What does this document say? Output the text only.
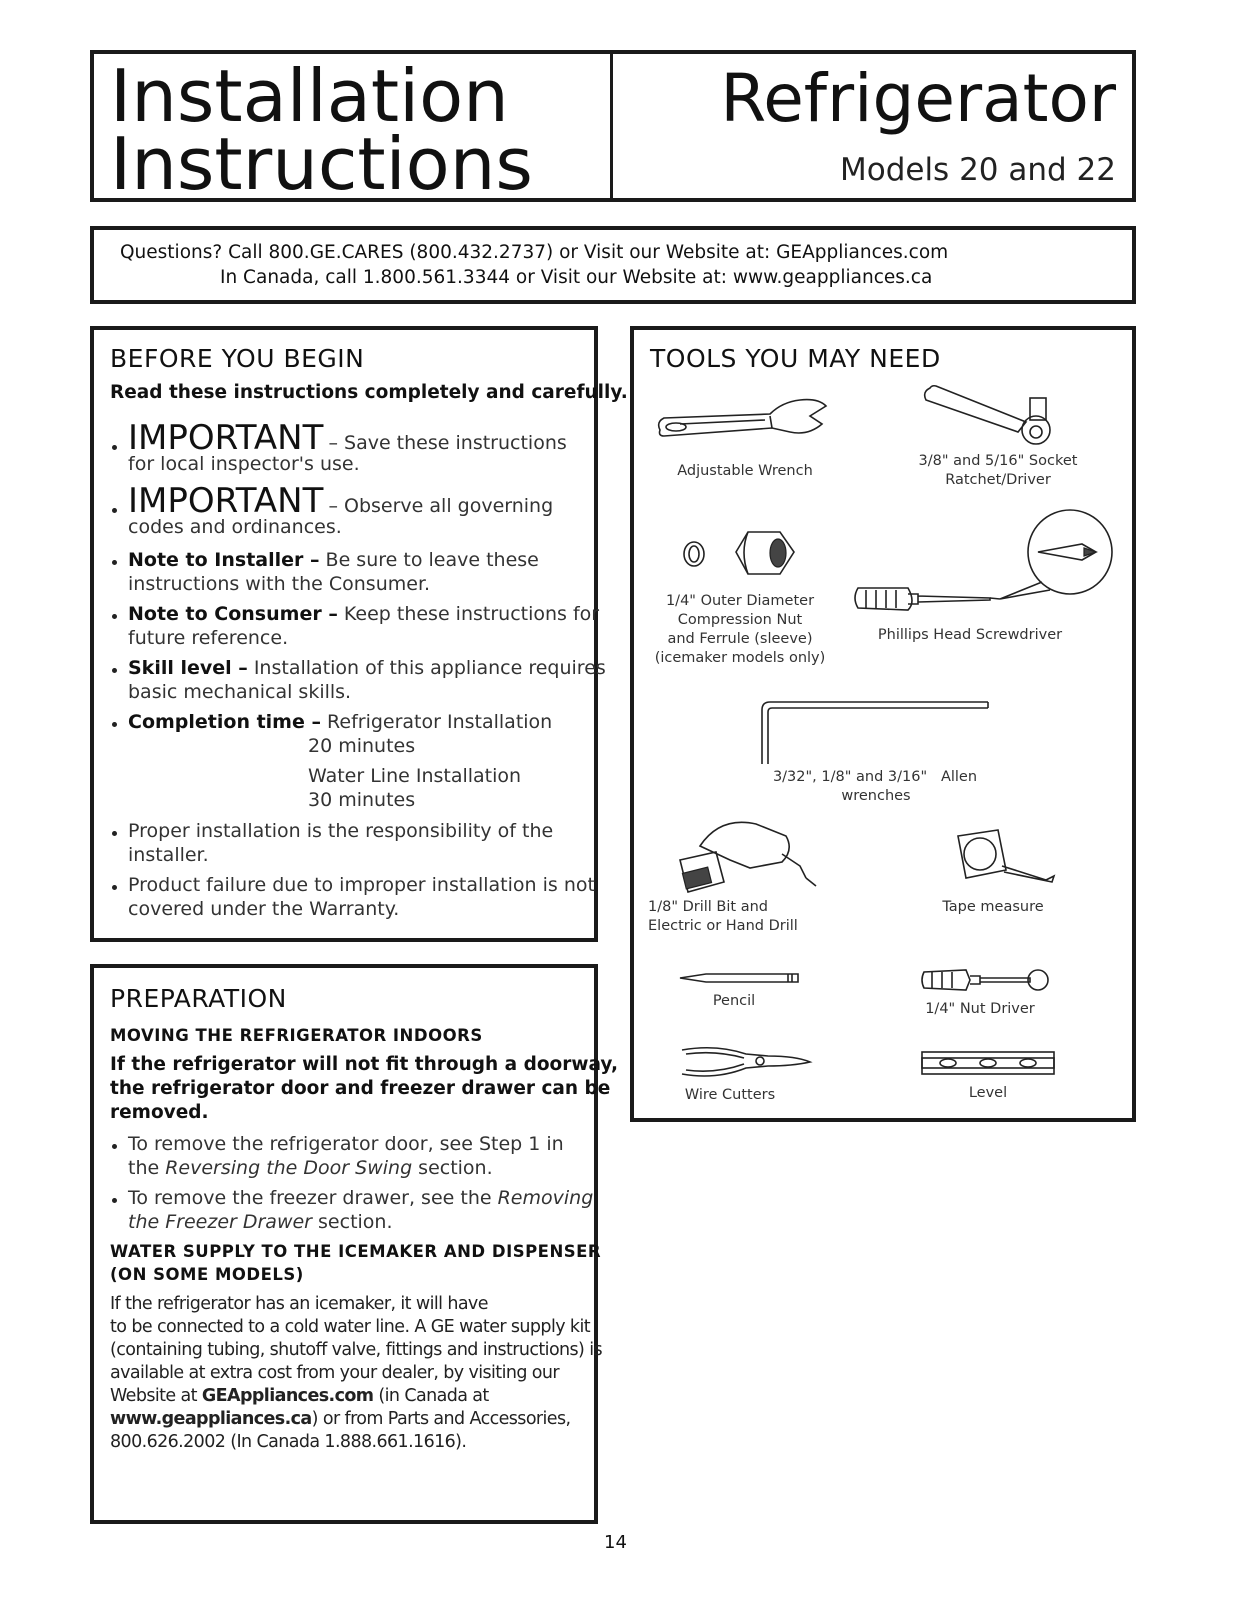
Installation
Instructions
Refrigerator
Models 20 and 22
Questions? Call 800.GE.CARES (800.432.2737) or Visit our Website at: GEAppliances.com
In Canada, call 1.800.561.3344 or Visit our Website at: www.geappliances.ca
BEFORE YOU BEGIN
Read these instructions completely and carefully.
IMPORTANT – Save these instructions
for local inspector's use.
IMPORTANT – Observe all governing
codes and ordinances.
Note to Installer – Be sure to leave these
instructions with the Consumer.
Note to Consumer – Keep these instructions for
future reference.
Skill level – Installation of this appliance requires
basic mechanical skills.
Completion time – Refrigerator Installation
20 minutes
Water Line Installation
30 minutes
Proper installation is the responsibility of the
installer.
Product failure due to improper installation is not
covered under the Warranty.
PREPARATION
MOVING THE REFRIGERATOR INDOORS
If the refrigerator will not fit through a doorway,
the refrigerator door and freezer drawer can be
removed.
To remove the refrigerator door, see Step 1 in
the Reversing the Door Swing section.
To remove the freezer drawer, see the Removing
the Freezer Drawer section.
WATER SUPPLY TO THE ICEMAKER AND DISPENSER
(ON SOME MODELS)
If the refrigerator has an icemaker, it will have
to be connected to a cold water line. A GE water supply kit
(containing tubing, shutoff valve, fittings and instructions) is
available at extra cost from your dealer, by visiting our
Website at GEAppliances.com (in Canada at
www.geappliances.ca) or from Parts and Accessories,
800.626.2002 (In Canada 1.888.661.1616).
TOOLS YOU MAY NEED
Adjustable Wrench
3/8" and 5/16" Socket
Ratchet/Driver
1/4" Outer Diameter
Compression Nut
and Ferrule (sleeve)
(icemaker models only)
Phillips Head Screwdriver
3/32", 1/8" and 3/16"   Allen
wrenches
1/8" Drill Bit and
Electric or Hand Drill
Tape measure
Pencil	1/4" Nut Driver
Wire Cutters	Level
14
